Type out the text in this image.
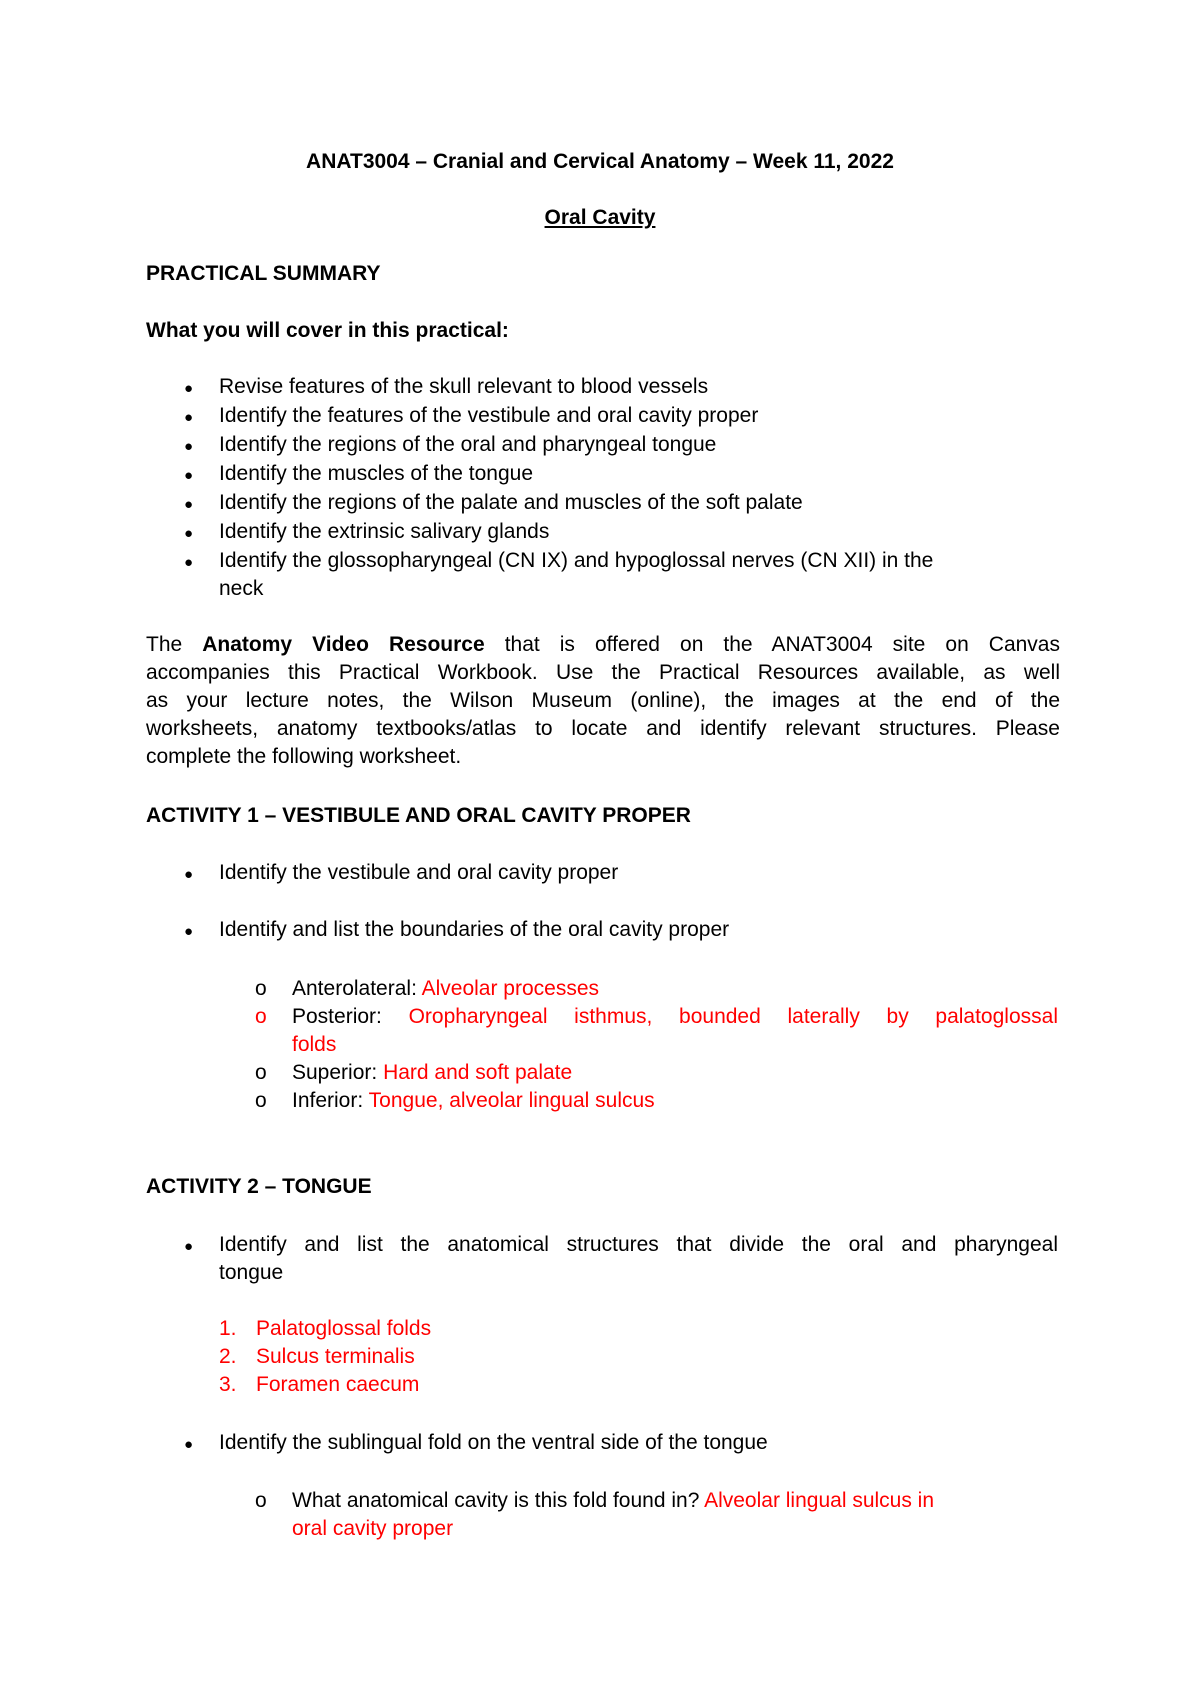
ANAT3004 – Cranial and Cervical Anatomy – Week 11, 2022
Oral Cavity
PRACTICAL SUMMARY
What you will cover in this practical:
● Revise features of the skull relevant to blood vessels
● Identify the features of the vestibule and oral cavity proper
● Identify the regions of the oral and pharyngeal tongue
● Identify the muscles of the tongue
● Identify the regions of the palate and muscles of the soft palate
● Identify the extrinsic salivary glands
● Identify the glossopharyngeal (CN IX) and hypoglossal nerves (CN XII) in the
neck
The Anatomy Video Resource that is offered on the ANAT3004 site on Canvas
accompanies this Practical Workbook. Use the Practical Resources available, as well
as your lecture notes, the Wilson Museum (online), the images at the end of the
worksheets, anatomy textbooks/atlas to locate and identify relevant structures. Please
complete the following worksheet.
ACTIVITY 1 – VESTIBULE AND ORAL CAVITY PROPER
● Identify the vestibule and oral cavity proper
● Identify and list the boundaries of the oral cavity proper
o Anterolateral: Alveolar processes
o Posterior: Oropharyngeal isthmus, bounded laterally by palatoglossal
folds
o Superior: Hard and soft palate
o Inferior: Tongue, alveolar lingual sulcus
ACTIVITY 2 – TONGUE
● Identify and list the anatomical structures that divide the oral and pharyngeal
tongue
1. Palatoglossal folds
2. Sulcus terminalis
3. Foramen caecum
● Identify the sublingual fold on the ventral side of the tongue
o What anatomical cavity is this fold found in? Alveolar lingual sulcus in
oral cavity proper
